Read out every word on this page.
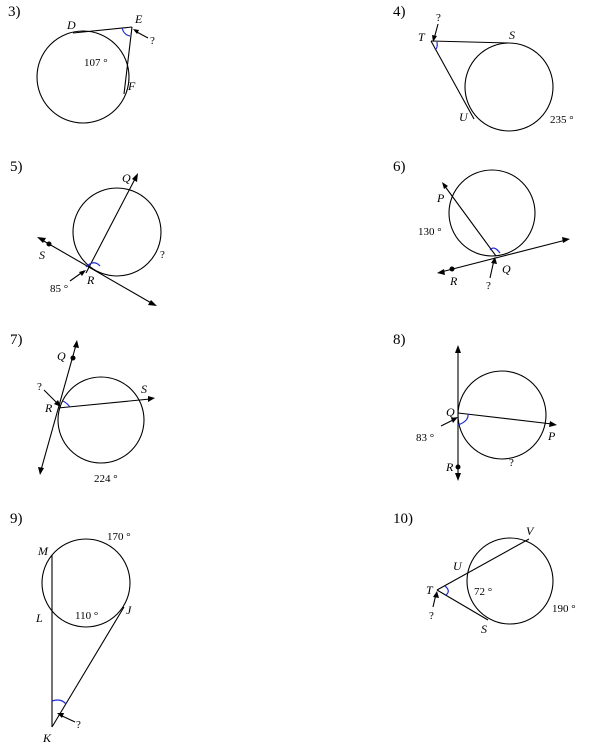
3)
D	E
F
107 °
?
4)
T	S
U	235 °
?
5)
Q
S
R
85 °
?
6)
P
Q
R
130 °
?
7)
Q
R
S
224 °
?
8)
Q
P
R
83 °
?
9)
M
L
J
K
170 °
110 °
?
10)
V
U
T
S
72 °
190 °
?
